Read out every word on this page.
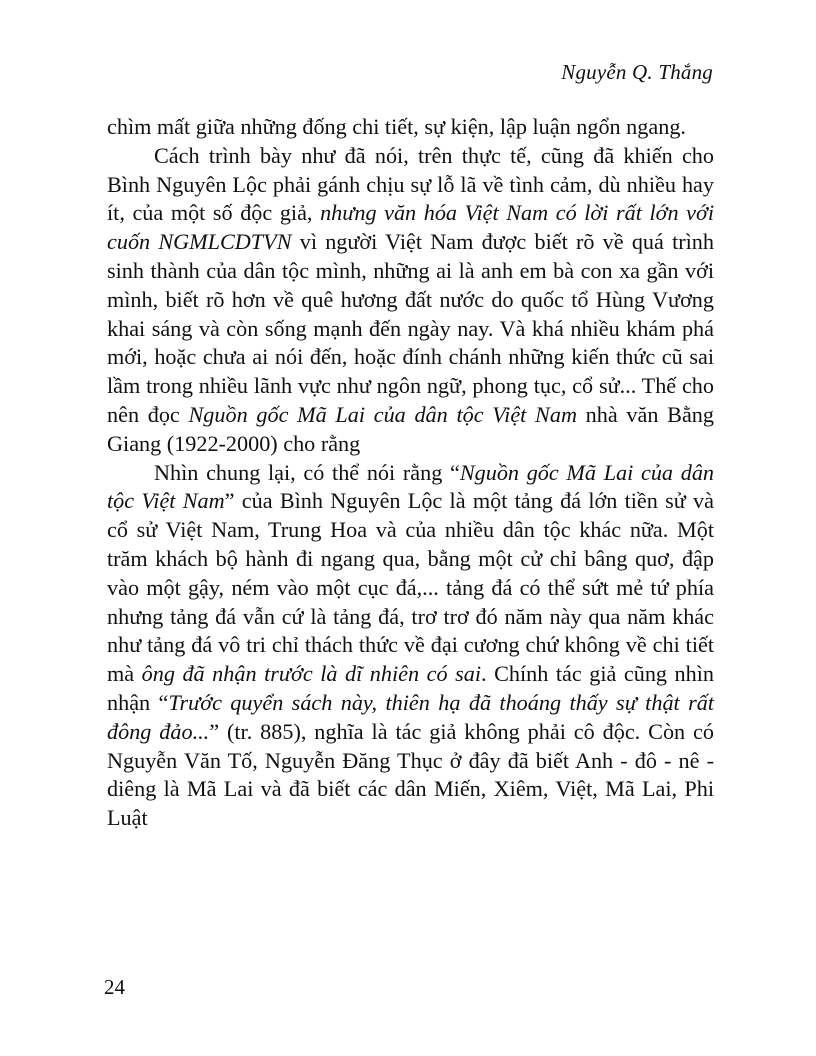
Nguyễn Q. Thắng

chìm mất giữa những đống chi tiết, sự kiện, lập luận ngổn ngang.

Cách trình bày như đã nói, trên thực tế, cũng đã khiến cho Bình Nguyên Lộc phải gánh chịu sự lỗ lã về tình cảm, dù nhiều hay ít, của một số độc giả, nhưng văn hóa Việt Nam có lời rất lớn với cuốn NGMLCDTVN vì người Việt Nam được biết rõ về quá trình sinh thành của dân tộc mình, những ai là anh em bà con xa gần với mình, biết rõ hơn về quê hương đất nước do quốc tổ Hùng Vương khai sáng và còn sống mạnh đến ngày nay. Và khá nhiều khám phá mới, hoặc chưa ai nói đến, hoặc đính chánh những kiến thức cũ sai lầm trong nhiều lãnh vực như ngôn ngữ, phong tục, cổ sử... Thế cho nên đọc Nguồn gốc Mã Lai của dân tộc Việt Nam nhà văn Bằng Giang (1922-2000) cho rằng

Nhìn chung lại, có thể nói rằng “Nguồn gốc Mã Lai của dân tộc Việt Nam” của Bình Nguyên Lộc là một tảng đá lớn tiền sử và cổ sử Việt Nam, Trung Hoa và của nhiều dân tộc khác nữa. Một trăm khách bộ hành đi ngang qua, bằng một cử chỉ bâng quơ, đập vào một gậy, ném vào một cục đá,... tảng đá có thể sứt mẻ tứ phía nhưng tảng đá vẫn cứ là tảng đá, trơ trơ đó năm này qua năm khác như tảng đá vô tri chỉ thách thức về đại cương chứ không về chi tiết mà ông đã nhận trước là dĩ nhiên có sai. Chính tác giả cũng nhìn nhận “Trước quyển sách này, thiên hạ đã thoáng thấy sự thật rất đông đảo...” (tr. 885), nghĩa là tác giả không phải cô độc. Còn có Nguyễn Văn Tố, Nguyễn Đăng Thục ở đây đã biết Anh - đô - nê - diêng là Mã Lai và đã biết các dân Miến, Xiêm, Việt, Mã Lai, Phi Luật

24
